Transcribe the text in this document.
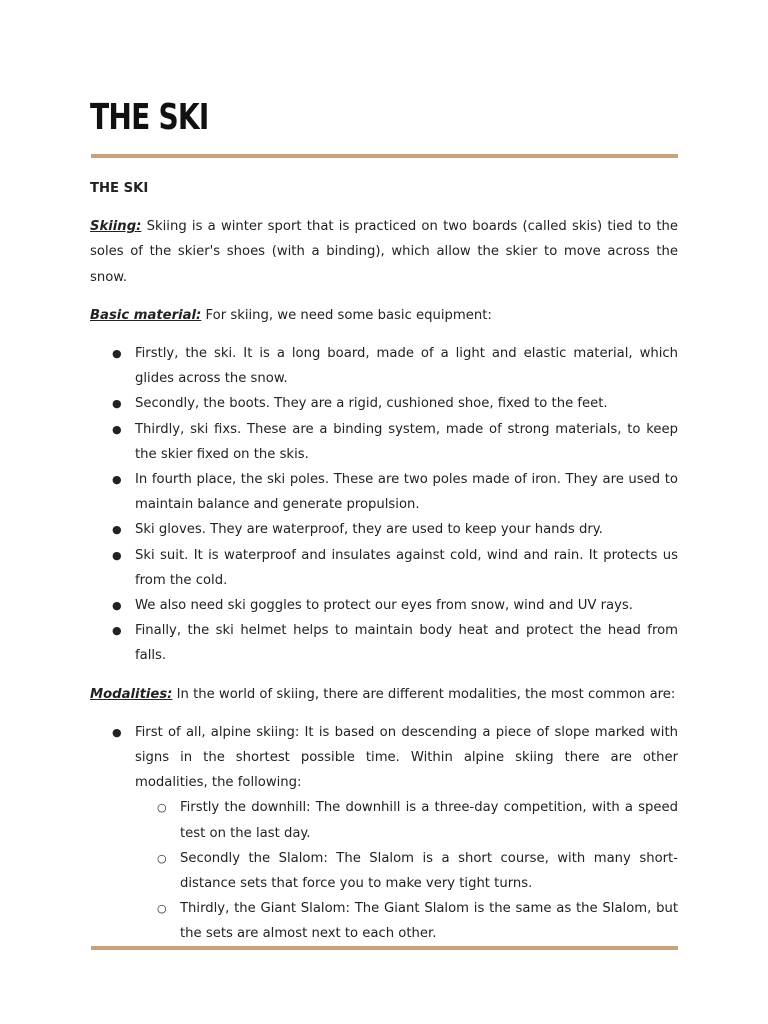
THE SKI
THE SKI

Skiing: Skiing is a winter sport that is practiced on two boards (called skis) tied to the soles of the skier's shoes (with a binding), which allow the skier to move across the snow.

Basic material: For skiing, we need some basic equipment:

● Firstly, the ski. It is a long board, made of a light and elastic material, which glides across the snow.
● Secondly, the boots. They are a rigid, cushioned shoe, fixed to the feet.
● Thirdly, ski fixs. These are a binding system, made of strong materials, to keep the skier fixed on the skis.
● In fourth place, the ski poles. These are two poles made of iron. They are used to maintain balance and generate propulsion.
● Ski gloves. They are waterproof, they are used to keep your hands dry.
● Ski suit. It is waterproof and insulates against cold, wind and rain. It protects us from the cold.
● We also need ski goggles to protect our eyes from snow, wind and UV rays.
● Finally, the ski helmet helps to maintain body heat and protect the head from falls.

Modalities: In the world of skiing, there are different modalities, the most common are:

● First of all, alpine skiing: It is based on descending a piece of slope marked with signs in the shortest possible time. Within alpine skiing there are other modalities, the following:
○ Firstly the downhill: The downhill is a three-day competition, with a speed test on the last day.
○ Secondly the Slalom: The Slalom is a short course, with many short-distance sets that force you to make very tight turns.
○ Thirdly, the Giant Slalom: The Giant Slalom is the same as the Slalom, but the sets are almost next to each other.
